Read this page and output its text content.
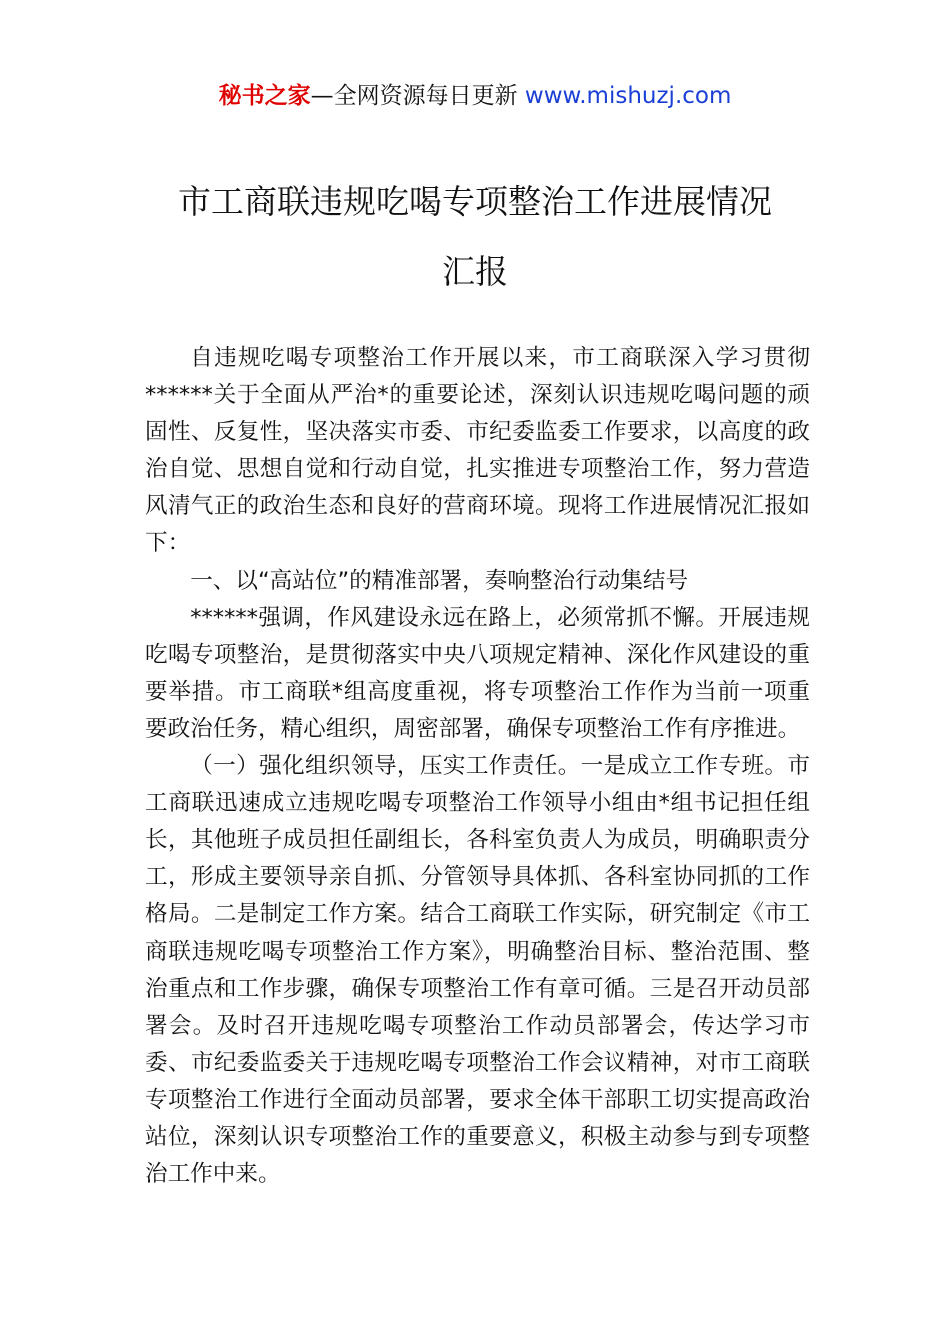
秘书之家—全网资源每日更新 www.mishuzj.com
市工商联违规吃喝专项整治工作进展情况
汇报

自违规吃喝专项整治工作开展以来，市工商联深入学习贯彻******关于全面从严治*的重要论述，深刻认识违规吃喝问题的顽固性、反复性，坚决落实市委、市纪委监委工作要求，以高度的政治自觉、思想自觉和行动自觉，扎实推进专项整治工作，努力营造风清气正的政治生态和良好的营商环境。现将工作进展情况汇报如下：

一、以“高站位”的精准部署，奏响整治行动集结号

******强调，作风建设永远在路上，必须常抓不懈。开展违规吃喝专项整治，是贯彻落实中央八项规定精神、深化作风建设的重要举措。市工商联*组高度重视，将专项整治工作作为当前一项重要政治任务，精心组织，周密部署，确保专项整治工作有序推进。

（一）强化组织领导，压实工作责任。一是成立工作专班。市工商联迅速成立违规吃喝专项整治工作领导小组由*组书记担任组长，其他班子成员担任副组长，各科室负责人为成员，明确职责分工，形成主要领导亲自抓、分管领导具体抓、各科室协同抓的工作格局。二是制定工作方案。结合工商联工作实际，研究制定《市工商联违规吃喝专项整治工作方案》，明确整治目标、整治范围、整治重点和工作步骤，确保专项整治工作有章可循。三是召开动员部署会。及时召开违规吃喝专项整治工作动员部署会，传达学习市委、市纪委监委关于违规吃喝专项整治工作会议精神，对市工商联专项整治工作进行全面动员部署，要求全体干部职工切实提高政治站位，深刻认识专项整治工作的重要意义，积极主动参与到专项整治工作中来。
